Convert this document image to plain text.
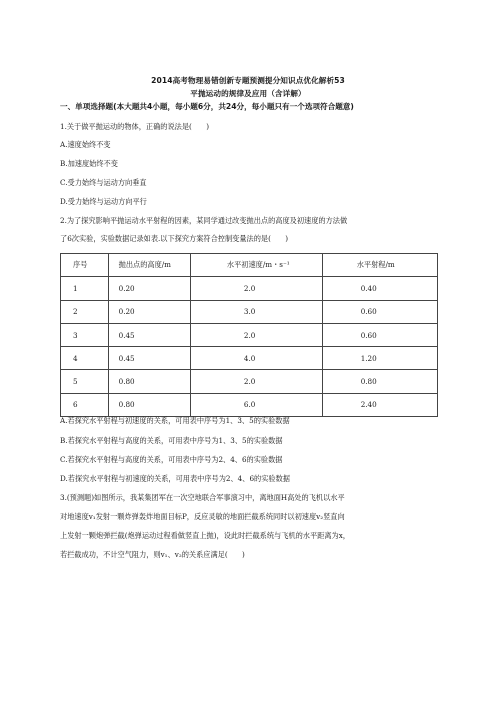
2014高考物理易错创新专题预测提分知识点优化解析53
平抛运动的规律及应用（含详解）
一、单项选择题(本大题共4小题，每小题6分，共24分，每小题只有一个选项符合题意)
1.关于做平抛运动的物体，正确的说法是(　　)
A.速度始终不变
B.加速度始终不变
C.受力始终与运动方向垂直
D.受力始终与运动方向平行
2.为了探究影响平抛运动水平射程的因素，某同学通过改变抛出点的高度及初速度的方法做
了6次实验，实验数据记录如表.以下探究方案符合控制变量法的是(　　)
序号	抛出点的高度/m	水平初速度/m・s⁻¹	水平射程/m
1	0.20	2.0	0.40
2	0.20	3.0	0.60
3	0.45	2.0	0.60
4	0.45	4.0	1.20
5	0.80	2.0	0.80
6	0.80	6.0	2.40
A.若探究水平射程与初速度的关系，可用表中序号为1、3、5的实验数据
B.若探究水平射程与高度的关系，可用表中序号为1、3、5的实验数据
C.若探究水平射程与高度的关系，可用表中序号为2、4、6的实验数据
D.若探究水平射程与初速度的关系，可用表中序号为2、4、6的实验数据
3.(预测题)如图所示，我某集团军在一次空地联合军事演习中，离地面H高处的飞机以水平
对地速度v₁发射一颗炸弹轰炸地面目标P，反应灵敏的地面拦截系统同时以初速度v₂竖直向
上发射一颗炮弹拦截(炮弹运动过程看做竖直上抛)，设此时拦截系统与飞机的水平距离为x，
若拦截成功，不计空气阻力，则v₁、v₂的关系应满足(　　)
